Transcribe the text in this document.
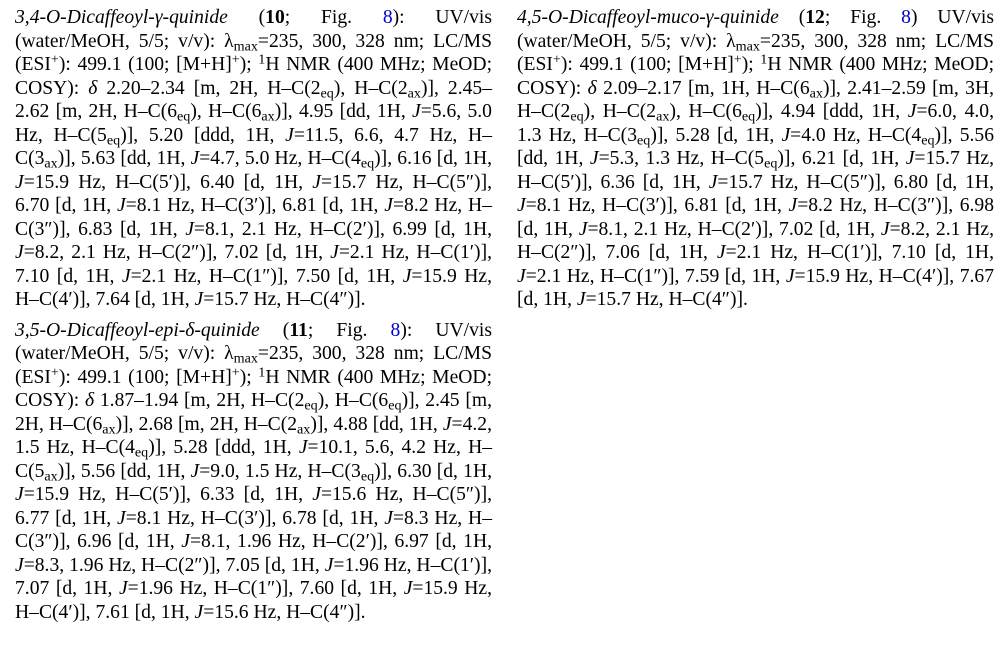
3,4-O-Dicaffeoyl-γ-quinide (10; Fig. 8): UV/vis (water/MeOH, 5/5; v/v): $\lambda_{max}=235$, 300, 328 nm; LC/MS (ESI+): 499.1 (100; [M+H]+); $^1$H NMR (400 MHz; MeOD; COSY): δ 2.20–2.34 [m, 2H, $H-C(2_{eq})$, $H-C(2_{ax})$], 2.45–2.62 [m, 2H, $H-C(6_{eq})$, $H-C(6_{ax})$], 4.95 [dd, 1H, J=5.6, 5.0 Hz, $H-C(5_{eq})$], 5.20 [ddd, 1H, J=11.5, 6.6, 4.7 Hz, $H-C(3_{ax})$], 5.63 [dd, 1H, J=4.7, 5.0 Hz, $H-C(4_{eq})$], 6.16 [d, 1H, J=15.9 Hz, H–C(5′)], 6.40 [d, 1H, J=15.7 Hz, H–C(5″)], 6.70 [d, 1H, J=8.1 Hz, H–C(3′)], 6.81 [d, 1H, J=8.2 Hz, H–C(3″)], 6.83 [d, 1H, J=8.1, 2.1 Hz, H–C(2′)], 6.99 [d, 1H, J=8.2, 2.1 Hz, H–C(2″)], 7.02 [d, 1H, J=2.1 Hz, H–C(1′)], 7.10 [d, 1H, J=2.1 Hz, H–C(1″)], 7.50 [d, 1H, J=15.9 Hz, H–C(4′)], 7.64 [d, 1H, J=15.7 Hz, H–C(4″)].

3,5-O-Dicaffeoyl-epi-δ-quinide (11; Fig. 8): UV/vis (water/MeOH, 5/5; v/v): $\lambda_{max}=235$, 300, 328 nm; LC/MS (ESI+): 499.1 (100; [M+H]+); $^1$H NMR (400 MHz; MeOD; COSY): δ 1.87–1.94 [m, 2H, $H-C(2_{eq})$, $H-C(6_{eq})$], 2.45 [m, 2H, $H-C(6_{ax})$], 2.68 [m, 2H, $H-C(2_{ax})$], 4.88 [dd, 1H, J=4.2, 1.5 Hz, $H-C(4_{eq})$], 5.28 [ddd, 1H, J=10.1, 5.6, 4.2 Hz, $H-C(5_{ax})$], 5.56 [dd, 1H, J=9.0, 1.5 Hz, $H-C(3_{eq})$], 6.30 [d, 1H, J=15.9 Hz, H–C(5′)], 6.33 [d, 1H, J=15.6 Hz, H–C(5″)], 6.77 [d, 1H, J=8.1 Hz, H–C(3′)], 6.78 [d, 1H, J=8.3 Hz, H–C(3″)], 6.96 [d, 1H, J=8.1, 1.96 Hz, H–C(2′)], 6.97 [d, 1H, J=8.3, 1.96 Hz, H–C(2″)], 7.05 [d, 1H, J=1.96 Hz, H–C(1′)], 7.07 [d, 1H, J=1.96 Hz, H–C(1″)], 7.60 [d, 1H, J=15.9 Hz, H–C(4′)], 7.61 [d, 1H, J=15.6 Hz, H–C(4″)].

4,5-O-Dicaffeoyl-muco-γ-quinide (12; Fig. 8) UV/vis (water/MeOH, 5/5; v/v): $\lambda_{max}=235$, 300, 328 nm; LC/MS (ESI+): 499.1 (100; [M+H]+); $^1$H NMR (400 MHz; MeOD; COSY): δ 2.09–2.17 [m, 1H, $H-C(6_{ax})$], 2.41–2.59 [m, 3H, $H-C(2_{eq})$, $H-C(2_{ax})$, $H-C(6_{eq})$], 4.94 [ddd, 1H, J=6.0, 4.0, 1.3 Hz, $H-C(3_{eq})$], 5.28 [d, 1H, J=4.0 Hz, $H-C(4_{eq})$], 5.56 [dd, 1H, J=5.3, 1.3 Hz, $H-C(5_{eq})$], 6.21 [d, 1H, J=15.7 Hz, H–C(5′)], 6.36 [d, 1H, J=15.7 Hz, H–C(5″)], 6.80 [d, 1H, J=8.1 Hz, H–C(3′)], 6.81 [d, 1H, J=8.2 Hz, H–C(3″)], 6.98 [d, 1H, J=8.1, 2.1 Hz, H–C(2′)], 7.02 [d, 1H, J=8.2, 2.1 Hz, H–C(2″)], 7.06 [d, 1H, J=2.1 Hz, H–C(1′)], 7.10 [d, 1H, J=2.1 Hz, H–C(1″)], 7.59 [d, 1H, J=15.9 Hz, H–C(4′)], 7.67 [d, 1H, J=15.7 Hz, H–C(4″)].
